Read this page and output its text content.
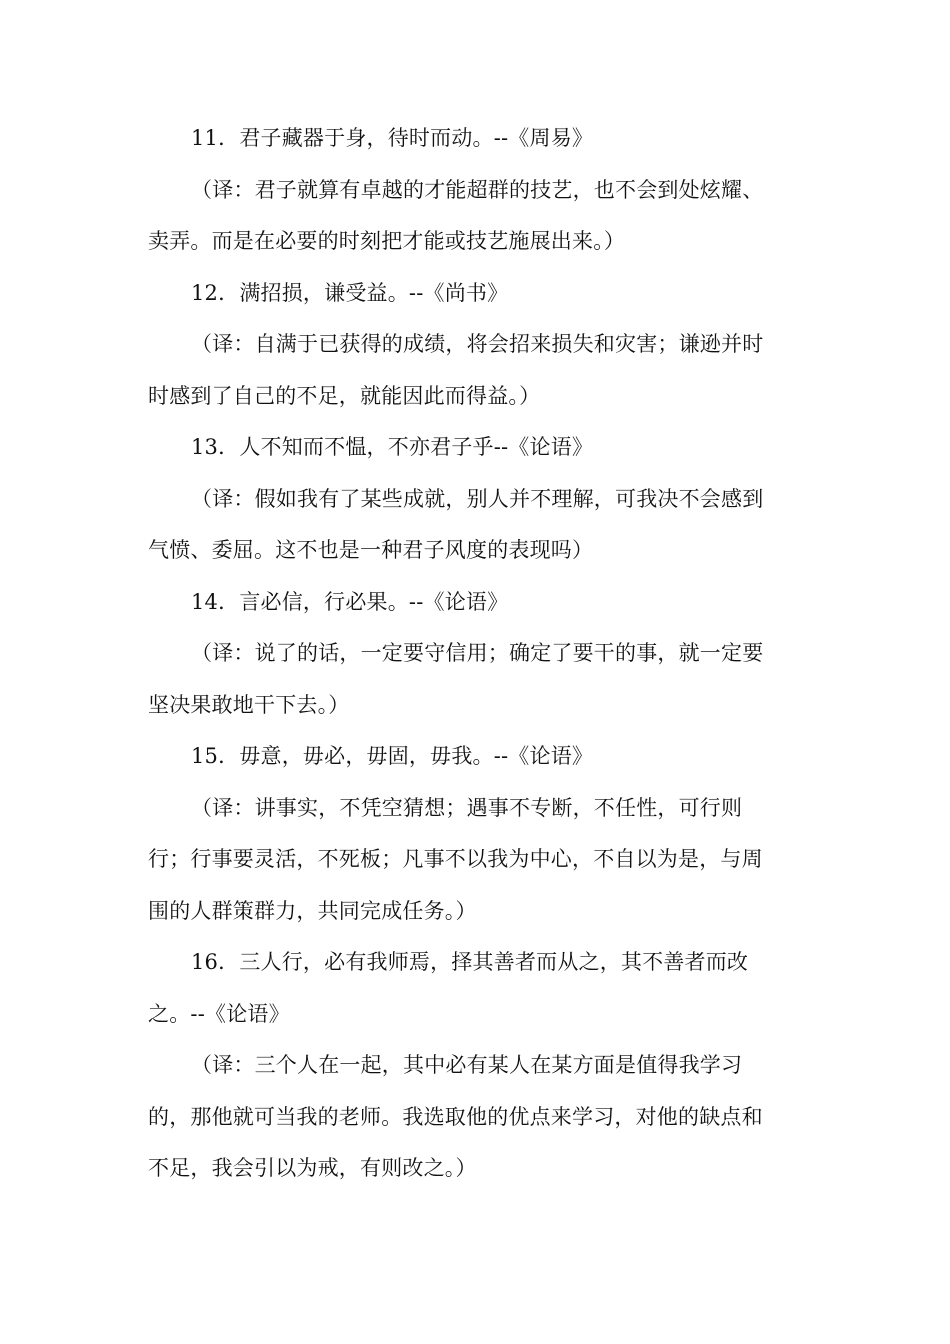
11．君子藏器于身，待时而动。--《周易》
（译：君子就算有卓越的才能超群的技艺，也不会到处炫耀、
卖弄。而是在必要的时刻把才能或技艺施展出来。）
12．满招损，谦受益。--《尚书》
（译：自满于已获得的成绩，将会招来损失和灾害；谦逊并时
时感到了自己的不足，就能因此而得益。）
13．人不知而不愠，不亦君子乎--《论语》
（译：假如我有了某些成就，别人并不理解，可我决不会感到
气愤、委屈。这不也是一种君子风度的表现吗）
14．言必信，行必果。--《论语》
（译：说了的话，一定要守信用；确定了要干的事，就一定要
坚决果敢地干下去。）
15．毋意，毋必，毋固，毋我。--《论语》
（译：讲事实，不凭空猜想；遇事不专断，不任性，可行则
行；行事要灵活，不死板；凡事不以我为中心，不自以为是，与周
围的人群策群力，共同完成任务。）
16．三人行，必有我师焉，择其善者而从之，其不善者而改
之。--《论语》
（译：三个人在一起，其中必有某人在某方面是值得我学习
的，那他就可当我的老师。我选取他的优点来学习，对他的缺点和
不足，我会引以为戒，有则改之。）
